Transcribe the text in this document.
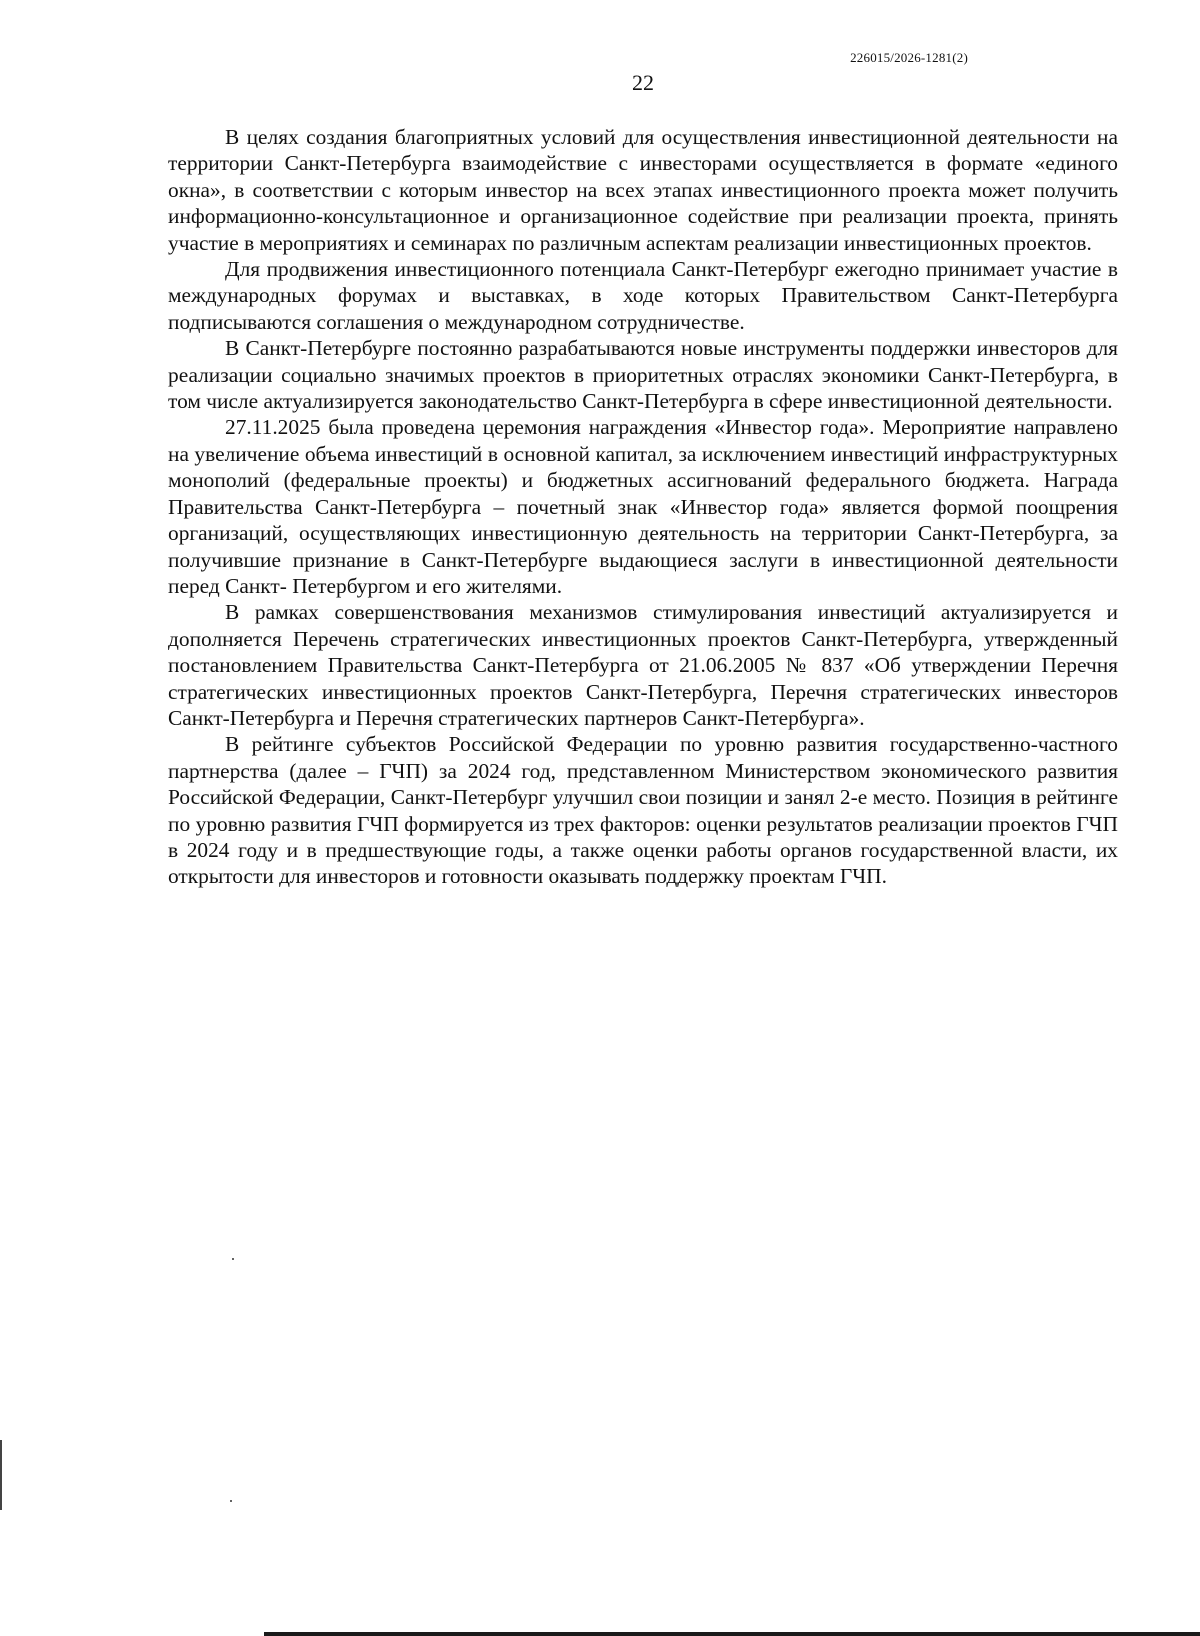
226015/2026-1281(2)
22

В целях создания благоприятных условий для осуществления инвестиционной деятельности на территории Санкт-Петербурга взаимодействие с инвесторами осуществляется в формате «единого окна», в соответствии с которым инвестор на всех этапах инвестиционного проекта может получить информационно-консультационное и организационное содействие при реализации проекта, принять участие в мероприятиях и семинарах по различным аспектам реализации инвестиционных проектов.

Для продвижения инвестиционного потенциала Санкт-Петербург ежегодно принимает участие в международных форумах и выставках, в ходе которых Правительством Санкт-Петербурга подписываются соглашения о международном сотрудничестве.

В Санкт-Петербурге постоянно разрабатываются новые инструменты поддержки инвесторов для реализации социально значимых проектов в приоритетных отраслях экономики Санкт-Петербурга, в том числе актуализируется законодательство Санкт-Петербурга в сфере инвестиционной деятельности.

27.11.2025 была проведена церемония награждения «Инвестор года». Мероприятие направлено на увеличение объема инвестиций в основной капитал, за исключением инвестиций инфраструктурных монополий (федеральные проекты) и бюджетных ассигнований федерального бюджета. Награда Правительства Санкт-Петербурга – почетный знак «Инвестор года» является формой поощрения организаций, осуществляющих инвестиционную деятельность на территории Санкт-Петербурга, за получившие признание в Санкт-Петербурге выдающиеся заслуги в инвестиционной деятельности перед Санкт- Петербургом и его жителями.

В рамках совершенствования механизмов стимулирования инвестиций актуализируется и дополняется Перечень стратегических инвестиционных проектов Санкт-Петербурга, утвержденный постановлением Правительства Санкт-Петербурга от 21.06.2005 № 837 «Об утверждении Перечня стратегических инвестиционных проектов Санкт-Петербурга, Перечня стратегических инвесторов Санкт-Петербурга и Перечня стратегических партнеров Санкт-Петербурга».

В рейтинге субъектов Российской Федерации по уровню развития государственно-частного партнерства (далее – ГЧП) за 2024 год, представленном Министерством экономического развития Российской Федерации, Санкт-Петербург улучшил свои позиции и занял 2-е место. Позиция в рейтинге по уровню развития ГЧП формируется из трех факторов: оценки результатов реализации проектов ГЧП в 2024 году и в предшествующие годы, а также оценки работы органов государственной власти, их открытости для инвесторов и готовности оказывать поддержку проектам ГЧП.
